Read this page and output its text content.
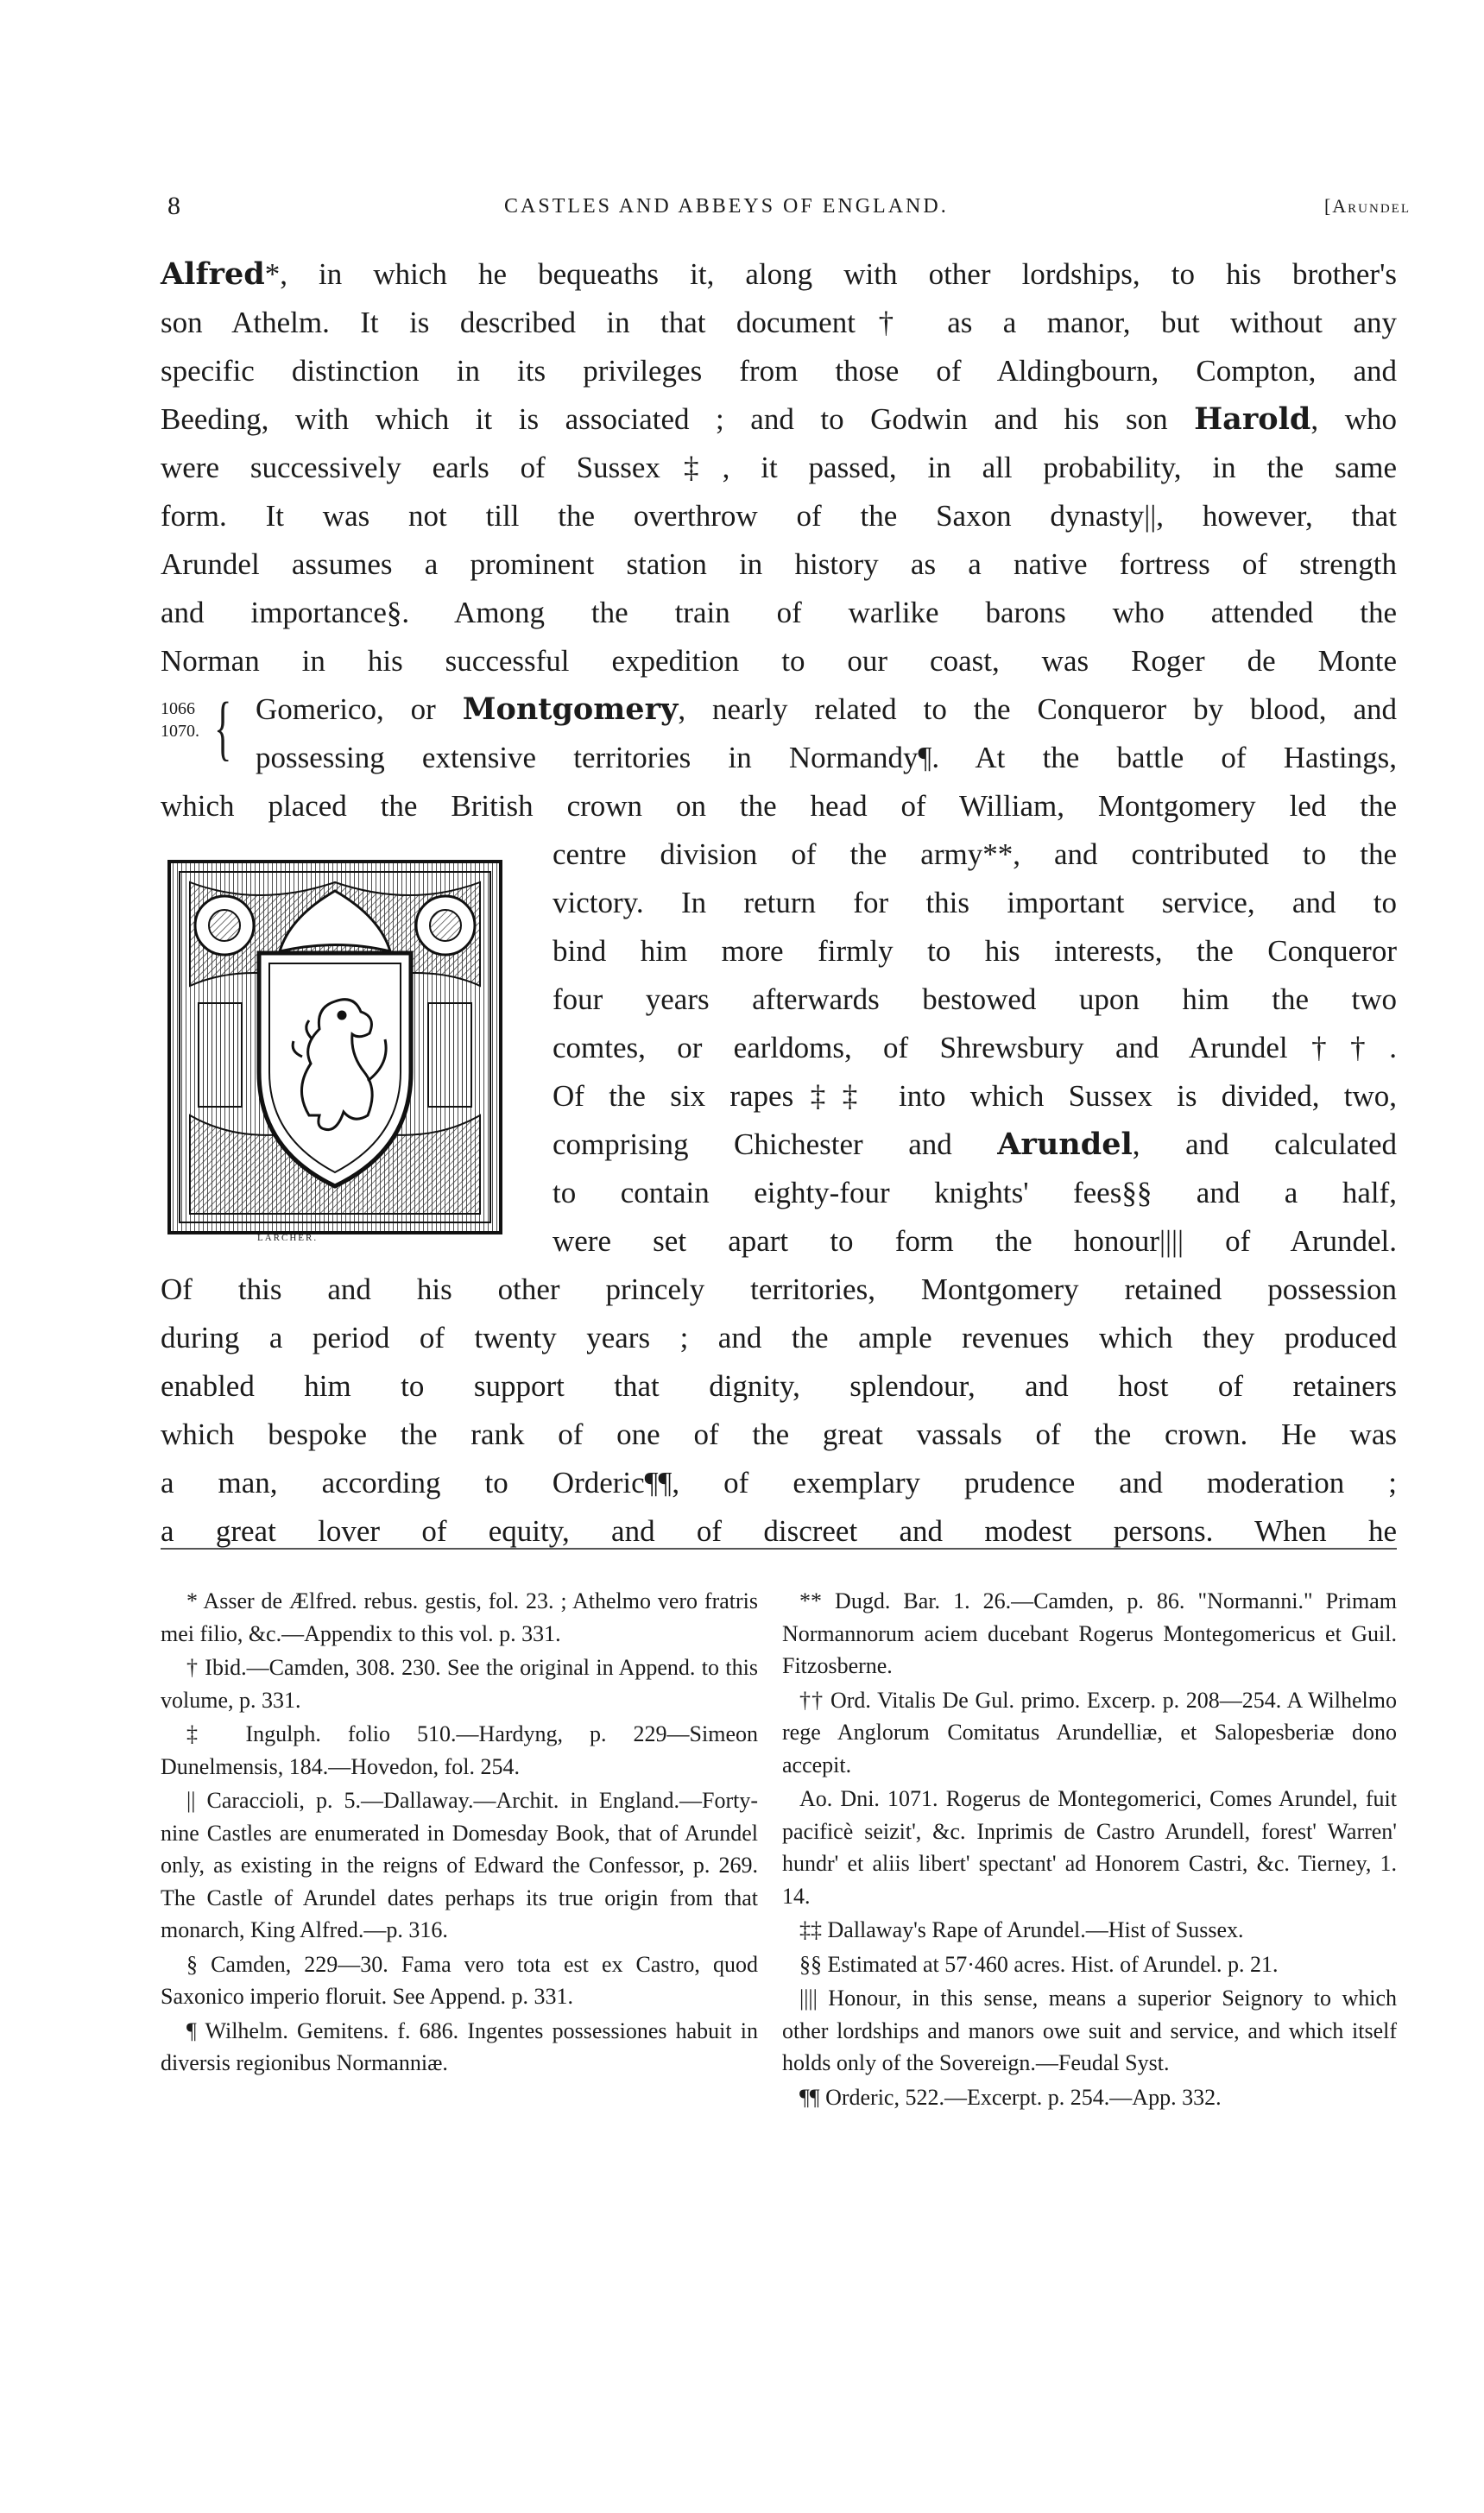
8	CASTLES AND ABBEYS OF ENGLAND.	[Arundel
Alfred*, in which he bequeaths it, along with other lordships, to his brother's
son Athelm. It is described in that document† as a manor, but without any
specific distinction in its privileges from those of Aldingbourn, Compton, and
Beeding, with which it is associated ; and to Godwin and his son Harold, who
were successively earls of Sussex‡, it passed, in all probability, in the same
form. It was not till the overthrow of the Saxon dynasty||, however, that
Arundel assumes a prominent station in history as a native fortress of strength
and importance§. Among the train of warlike barons who attended the
Norman in his successful expedition to our coast, was Roger de Monte
1066
1070. { Gomerico, or Montgomery, nearly related to the Conqueror by blood, and
possessing extensive territories in Normandy¶. At the battle of Hastings,
which placed the British crown on the head of William, Montgomery led the
centre division of the army**, and contributed to the
victory. In return for this important service, and to
bind him more firmly to his interests, the Conqueror
four years afterwards bestowed upon him the two
comtes, or earldoms, of Shrewsbury and Arundel††.
Of the six rapes‡‡ into which Sussex is divided, two,
comprising Chichester and Arundel, and calculated
to contain eighty-four knights' fees§§ and a half,
were set apart to form the honour|||| of Arundel.
Of this and his other princely territories, Montgomery retained possession
during a period of twenty years ; and the ample revenues which they produced
enabled him to support that dignity, splendour, and host of retainers
which bespoke the rank of one of the great vassals of the crown. He was
a man, according to Orderic¶¶, of exemplary prudence and moderation ;
a great lover of equity, and of discreet and modest persons. When he
LARCHER.

* Asser de Ælfred. rebus. gestis, fol. 23. ; Athelmo vero fratris mei filio, &c.—Appendix to this vol. p. 331.

† Ibid.—Camden, 308. 230. See the original in Append. to this volume, p. 331.

‡ Ingulph. folio 510.—Hardyng, p. 229—Simeon Dunelmensis, 184.—Hovedon, fol. 254.

|| Caraccioli, p. 5.—Dallaway.—Archit. in England.—Forty-nine Castles are enumerated in Domesday Book, that of Arundel only, as existing in the reigns of Edward the Confessor, p. 269. The Castle of Arundel dates perhaps its true origin from that monarch, King Alfred.—p. 316.

§ Camden, 229—30. Fama vero tota est ex Castro, quod Saxonico imperio floruit. See Append. p. 331.

¶ Wilhelm. Gemitens. f. 686. Ingentes possessiones habuit in diversis regionibus Normanniæ.

** Dugd. Bar. 1. 26.—Camden, p. 86. "Normanni." Primam Normannorum aciem ducebant Rogerus Montegomericus et Guil. Fitzosberne.

†† Ord. Vitalis De Gul. primo. Excerp. p. 208—254. A Wilhelmo rege Anglorum Comitatus Arundelliæ, et Salopesberiæ dono accepit.

Ao. Dni. 1071. Rogerus de Montegomerici, Comes Arundel, fuit pacificè seizit', &c. Inprimis de Castro Arundell, forest' Warren' hundr' et aliis libert' spectant' ad Honorem Castri, &c. Tierney, 1. 14.

‡‡ Dallaway's Rape of Arundel.—Hist of Sussex.

§§ Estimated at 57·460 acres. Hist. of Arundel. p. 21.

|||| Honour, in this sense, means a superior Seignory to which other lordships and manors owe suit and service, and which itself holds only of the Sovereign.—Feudal Syst.

¶¶ Orderic, 522.—Excerpt. p. 254.—App. 332.
